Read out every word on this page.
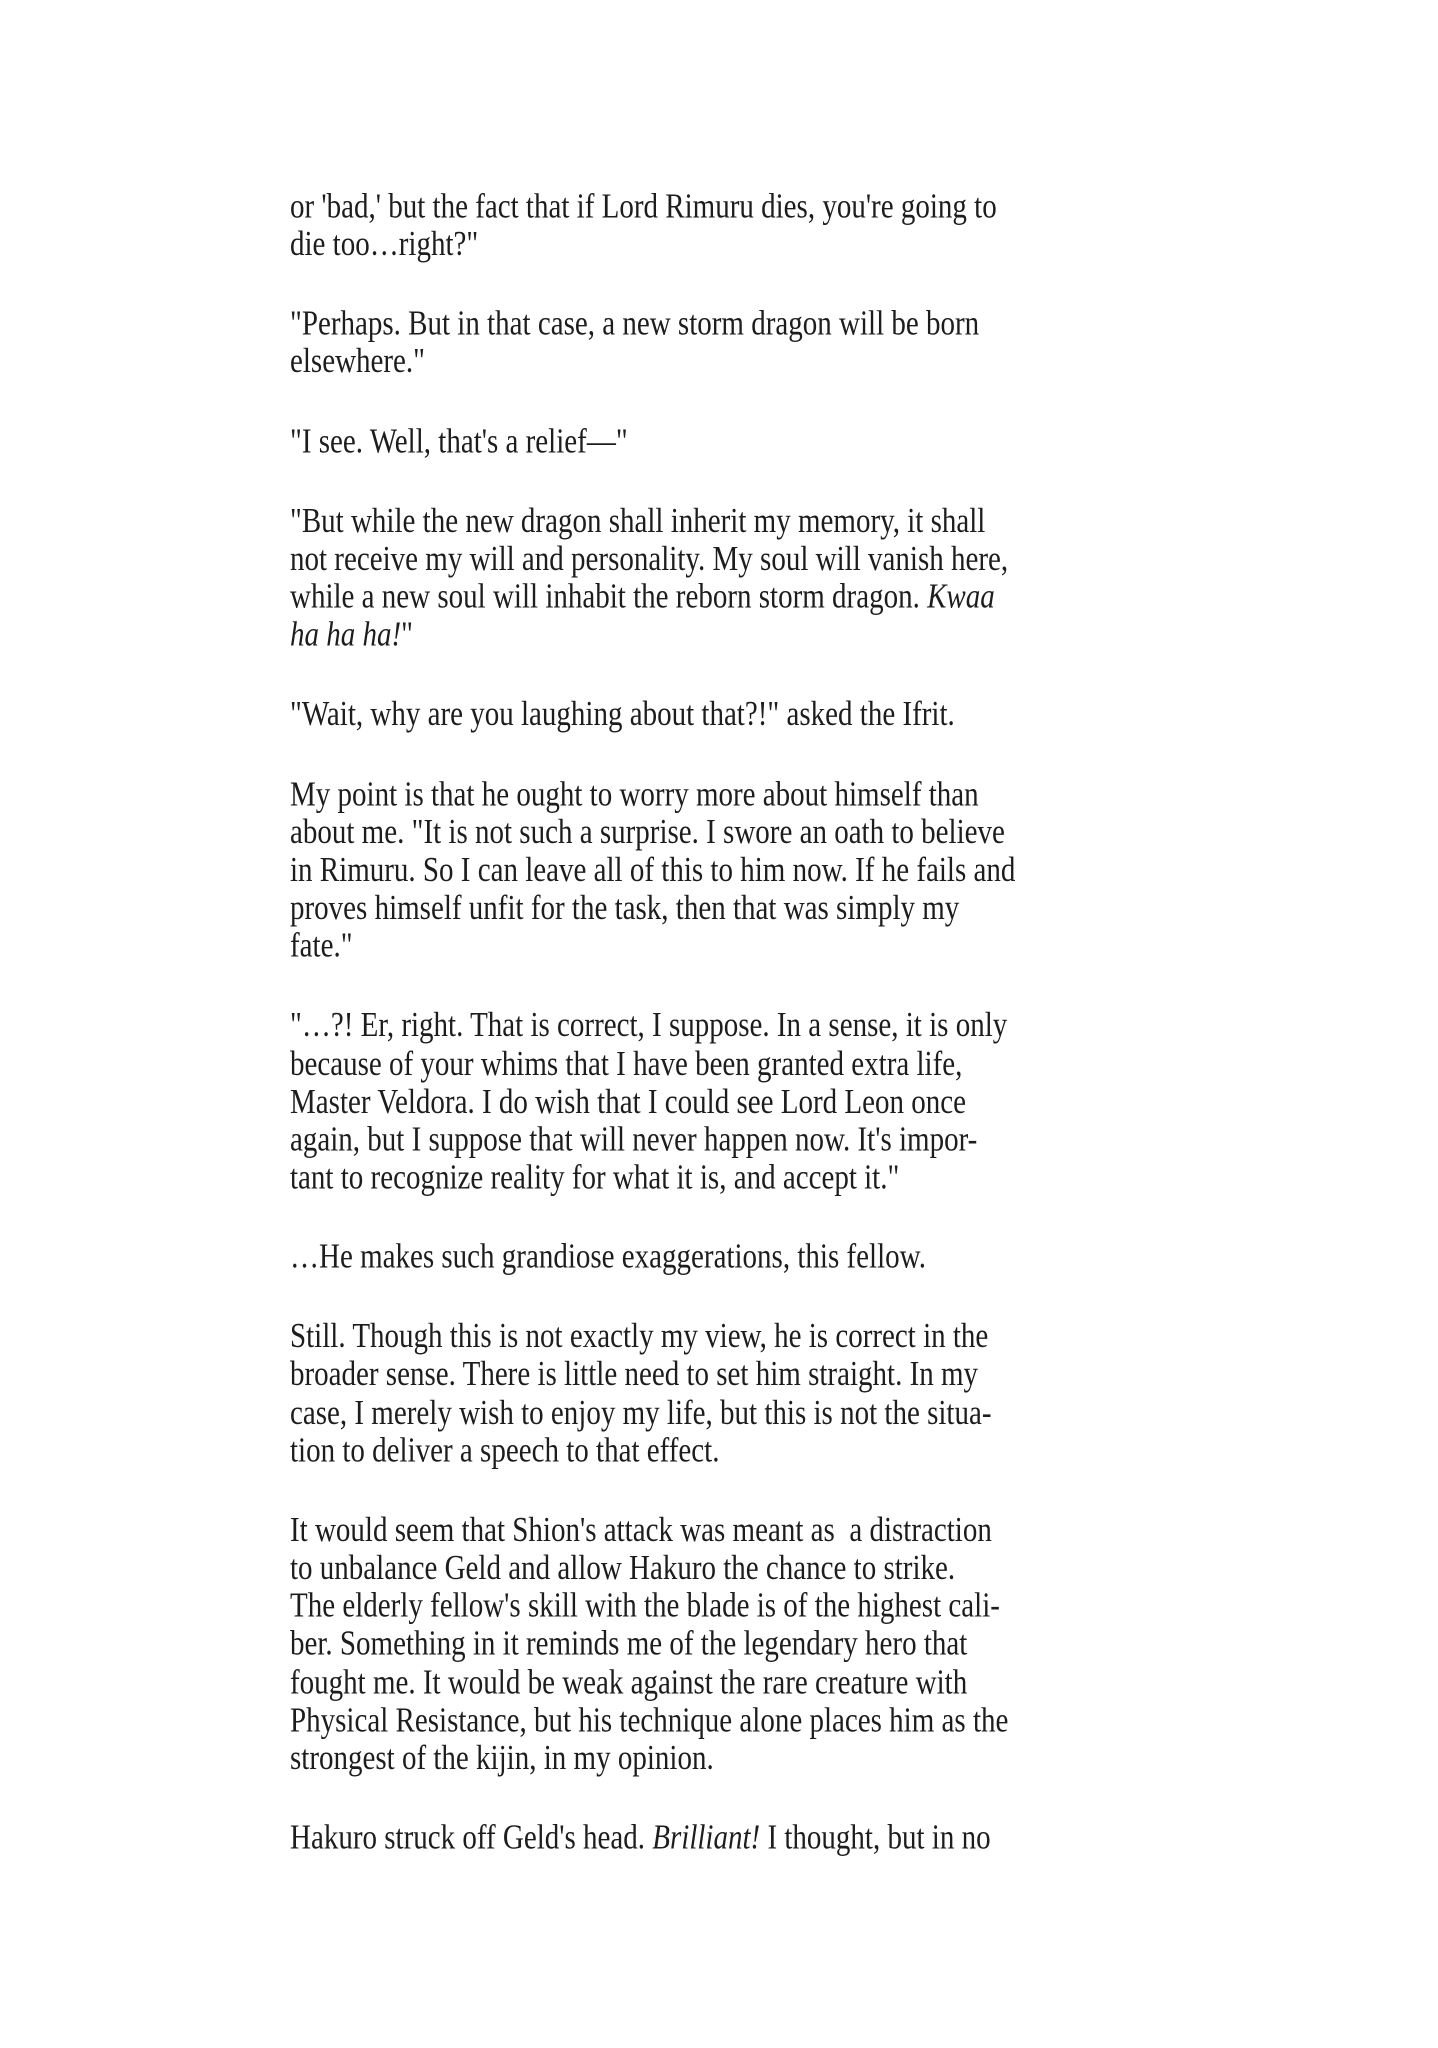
or 'bad,' but the fact that if Lord Rimuru dies, you're going to
die too…right?"

"Perhaps. But in that case, a new storm dragon will be born
elsewhere."

"I see. Well, that's a relief—"

"But while the new dragon shall inherit my memory, it shall
not receive my will and personality. My soul will vanish here,
while a new soul will inhabit the reborn storm dragon. Kwaa
ha ha ha!"

"Wait, why are you laughing about that?!" asked the Ifrit.

My point is that he ought to worry more about himself than
about me. "It is not such a surprise. I swore an oath to believe
in Rimuru. So I can leave all of this to him now. If he fails and
proves himself unfit for the task, then that was simply my
fate."

"…?! Er, right. That is correct, I suppose. In a sense, it is only
because of your whims that I have been granted extra life,
Master Veldora. I do wish that I could see Lord Leon once
again, but I suppose that will never happen now. It's impor-
tant to recognize reality for what it is, and accept it."

…He makes such grandiose exaggerations, this fellow.

Still. Though this is not exactly my view, he is correct in the
broader sense. There is little need to set him straight. In my
case, I merely wish to enjoy my life, but this is not the situa-
tion to deliver a speech to that effect.

It would seem that Shion's attack was meant as  a distraction
to unbalance Geld and allow Hakuro the chance to strike.
The elderly fellow's skill with the blade is of the highest cali-
ber. Something in it reminds me of the legendary hero that
fought me. It would be weak against the rare creature with
Physical Resistance, but his technique alone places him as the
strongest of the kijin, in my opinion.

Hakuro struck off Geld's head. Brilliant! I thought, but in no
